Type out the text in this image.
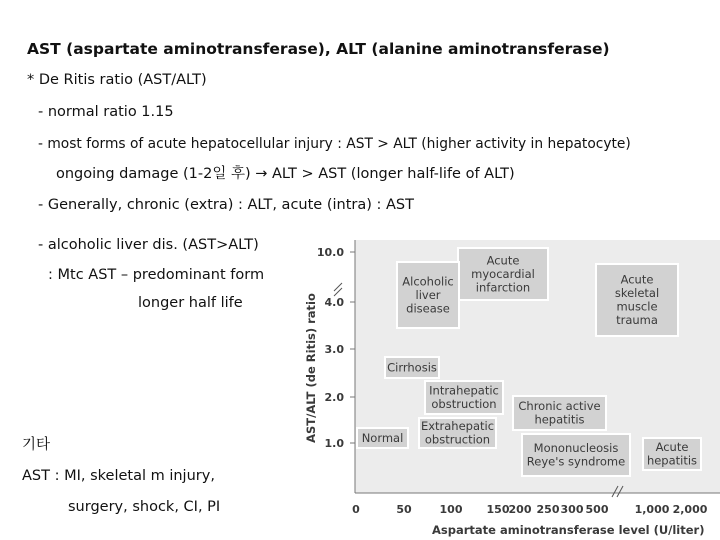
AST (aspartate aminotransferase), ALT (alanine aminotransferase)
* De Ritis ratio (AST/ALT)
- normal ratio 1.15
- most forms of acute hepatocellular injury : AST > ALT (higher activity in hepatocyte)
ongoing damage (1-2일 후) → ALT > AST (longer half-life of ALT)
- Generally, chronic (extra) : ALT, acute (intra) : AST
- alcoholic liver dis. (AST>ALT)
: Mtc AST – predominant form
longer half life
기타
AST : MI, skeletal m injury,
surgery, shock, CI, PI
Acute
myocardial
infarction
Alcoholic
liver
disease
Acute
skeletal
muscle
trauma
Cirrhosis
Intrahepatic
obstruction Chronic active
hepatitis
Extrahepatic
obstruction
Normal
Mononucleosis
Reye's syndrome
Acute
hepatitis
10.0
4.0
3.0
2.0
1.0
0	50	100 150 200 250 300 500 1,000 2,000
AST/ALT (de Ritis) ratio
Aspartate aminotransferase level (U/liter)
